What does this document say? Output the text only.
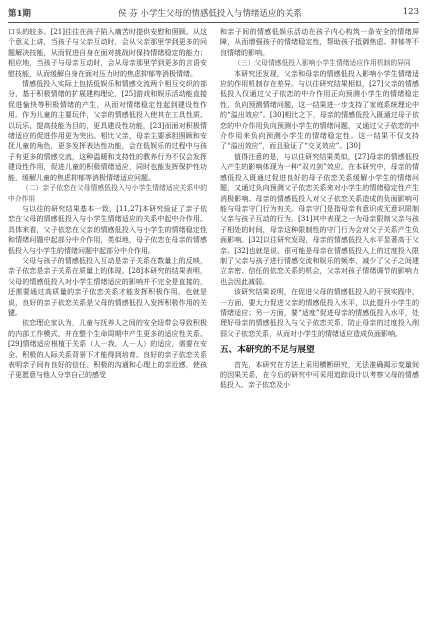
第1期	侯 芬 小学生父母的情感低投入与情绪适应的关系	123

口头的较多。[21]往往在孩子陷入痛苦时提供安慰和照顾。从这个意义上讲，当孩子与父亲互动时，会从父亲那里学到更多的问题解决技能，从而促进自身在面对挑战时保持情绪稳定的能力；相应地，当孩子与母亲互动时，会从母亲那里学到更多的言语安慰技能，从而缓解自身在面对压力时的焦虑抑郁等消极情绪。

情感低投入实际上包括低娱乐和情感交流两个相互交织的部分，基于积极情绪的扩展建构理论，[25]游戏和娱乐活动能直接促进愉快等积极情绪的产生，从而对情绪稳定性起到建设性作用。作为儿童的主要玩伴，父亲的情感低投入使其在工具性质、以玩乐、提高技能为目的，更具建设性功能，[23]而面对积极情绪适应的促进作用更为突出。相比父亲，母亲主要承担照顾和安抚儿童的角色，更多发挥表达性功能，会在低娱乐的过程中与孩子有更多的情感交流，这种温暖和支持性的教养行为不仅会发挥建设性作用，促进儿童的积极情绪适应，同时也能发挥保护性功能，缓解儿童的焦虑抑郁等消极情绪适应问题。

（二）亲子依恋在父母情感低投入与小学生情绪适应关系中的中介作用

与以往的研究结果基本一致，[11,27]本研究验证了亲子依恋在父母的情感低投入与小学生情绪适应的关系中起中介作用。具体来看，父子依恋在父亲的情感低投入与小学生的情绪稳定性和情绪问题中起部分中介作用，类似地，母子依恋在母亲的情感低投入与小学生的情绪问题中起部分中介作用。

父母与孩子的情感低投入互动是亲子关系在数量上的反映，亲子依恋是亲子关系在质量上的体现。[28]本研究的结果表明，父母的情感低投入对小学生情绪适应的影响并不完全是直接的，还需要通过高质量的亲子依恋关系才能发挥积极作用。也就是说，良好的亲子依恋关系是父母的情感低投入发挥积极作用的关键。

依恋理论家认为，儿童与抚养人之间的安全纽带会导致积极的内部工作模式，并在整个生命周期中产生更多的适应性关系。[29]情绪适应根植于关系（人－我，人－人）的适应，需要在安全、积极的人际关系背景下才能得到培育。良好的亲子依恋关系表明亲子间有良好的信任、积极的沟通和心理上的亲近感，使孩子更愿意与他人分享自己的感受

和亲子间的情感低娱乐活动在孩子内心构筑一条安全的情绪屏障，从而增强孩子的情绪稳定性，帮助孩子抵御焦虑、抑郁等不良情绪的影响。

（三）父母情感低投入影响小学生情绪适应作用机制的异同

本研究还发现，父亲和母亲的情感低投入影响小学生情绪适应的作用机制存在差异。与以往研究结果相似，[27]父亲的情感低投入仅通过父子依恋的中介作用正向预测小学生的情绪稳定性，负向预测情绪问题，这一结果进一步支持了家庭系统理论中的“溢出效应”。[30]相比之下，母亲的情感低投入既通过母子依恋的中介作用负向预测小学生的情绪问题，又通过父子依恋的中介作用来负向预测小学生的情绪稳定性。这一结果不仅支持了“溢出效应”，而且验证了“交叉效应”。[30]

值得注意的是，与以往研究结果类似，[27]母亲的情感低投入产生的影响体现为一种“双刃剑”效应。在本研究中，母亲的情感低投入既通过促进良好的母子依恋关系缓解小学生的情绪问题，又通过负向预测父子依恋关系来对小学生的情绪稳定性产生消极影响。母亲的情感低投入对父子依恋关系造成的负面影响可能与母亲守门行为有关。母亲守门是指母亲有意识或无意识限制父亲与孩子互动的行为。[31]其中表现之一为母亲限制父亲与孩子相处的时间，母亲这种限制性的守门行为会对父子关系产生负面影响。[32]以往研究发现，母亲的情感低投入水平显著高于父亲。[32]也就是说，很可能是母亲在情感低投入上的过度投入限制了父亲与孩子进行情感交流和娱乐的频率，减少了父子之间建立亲密、信任的依恋关系的机会，父亲对孩子情绪调节的影响力也会因此减弱。

该研究结果说明，在促进父母的情感低投入的干预实践中，一方面，要大力促进父亲的情感低投入水平，以此提升小学生的情绪适应；另一方面，要“适度”促进母亲的情感低投入水平，处理好母亲的情感低投入与父子依恋关系，防止母亲的过度投入削弱父子依恋关系，从而对小学生的情绪适应造成负面影响。

五、本研究的不足与展望

首先，本研究在方法上采用横断研究，无法准确揭示变量间的因果关系，在今后的研究中可采用追踪设计以考察父母的情感低投入、亲子依恋及小
